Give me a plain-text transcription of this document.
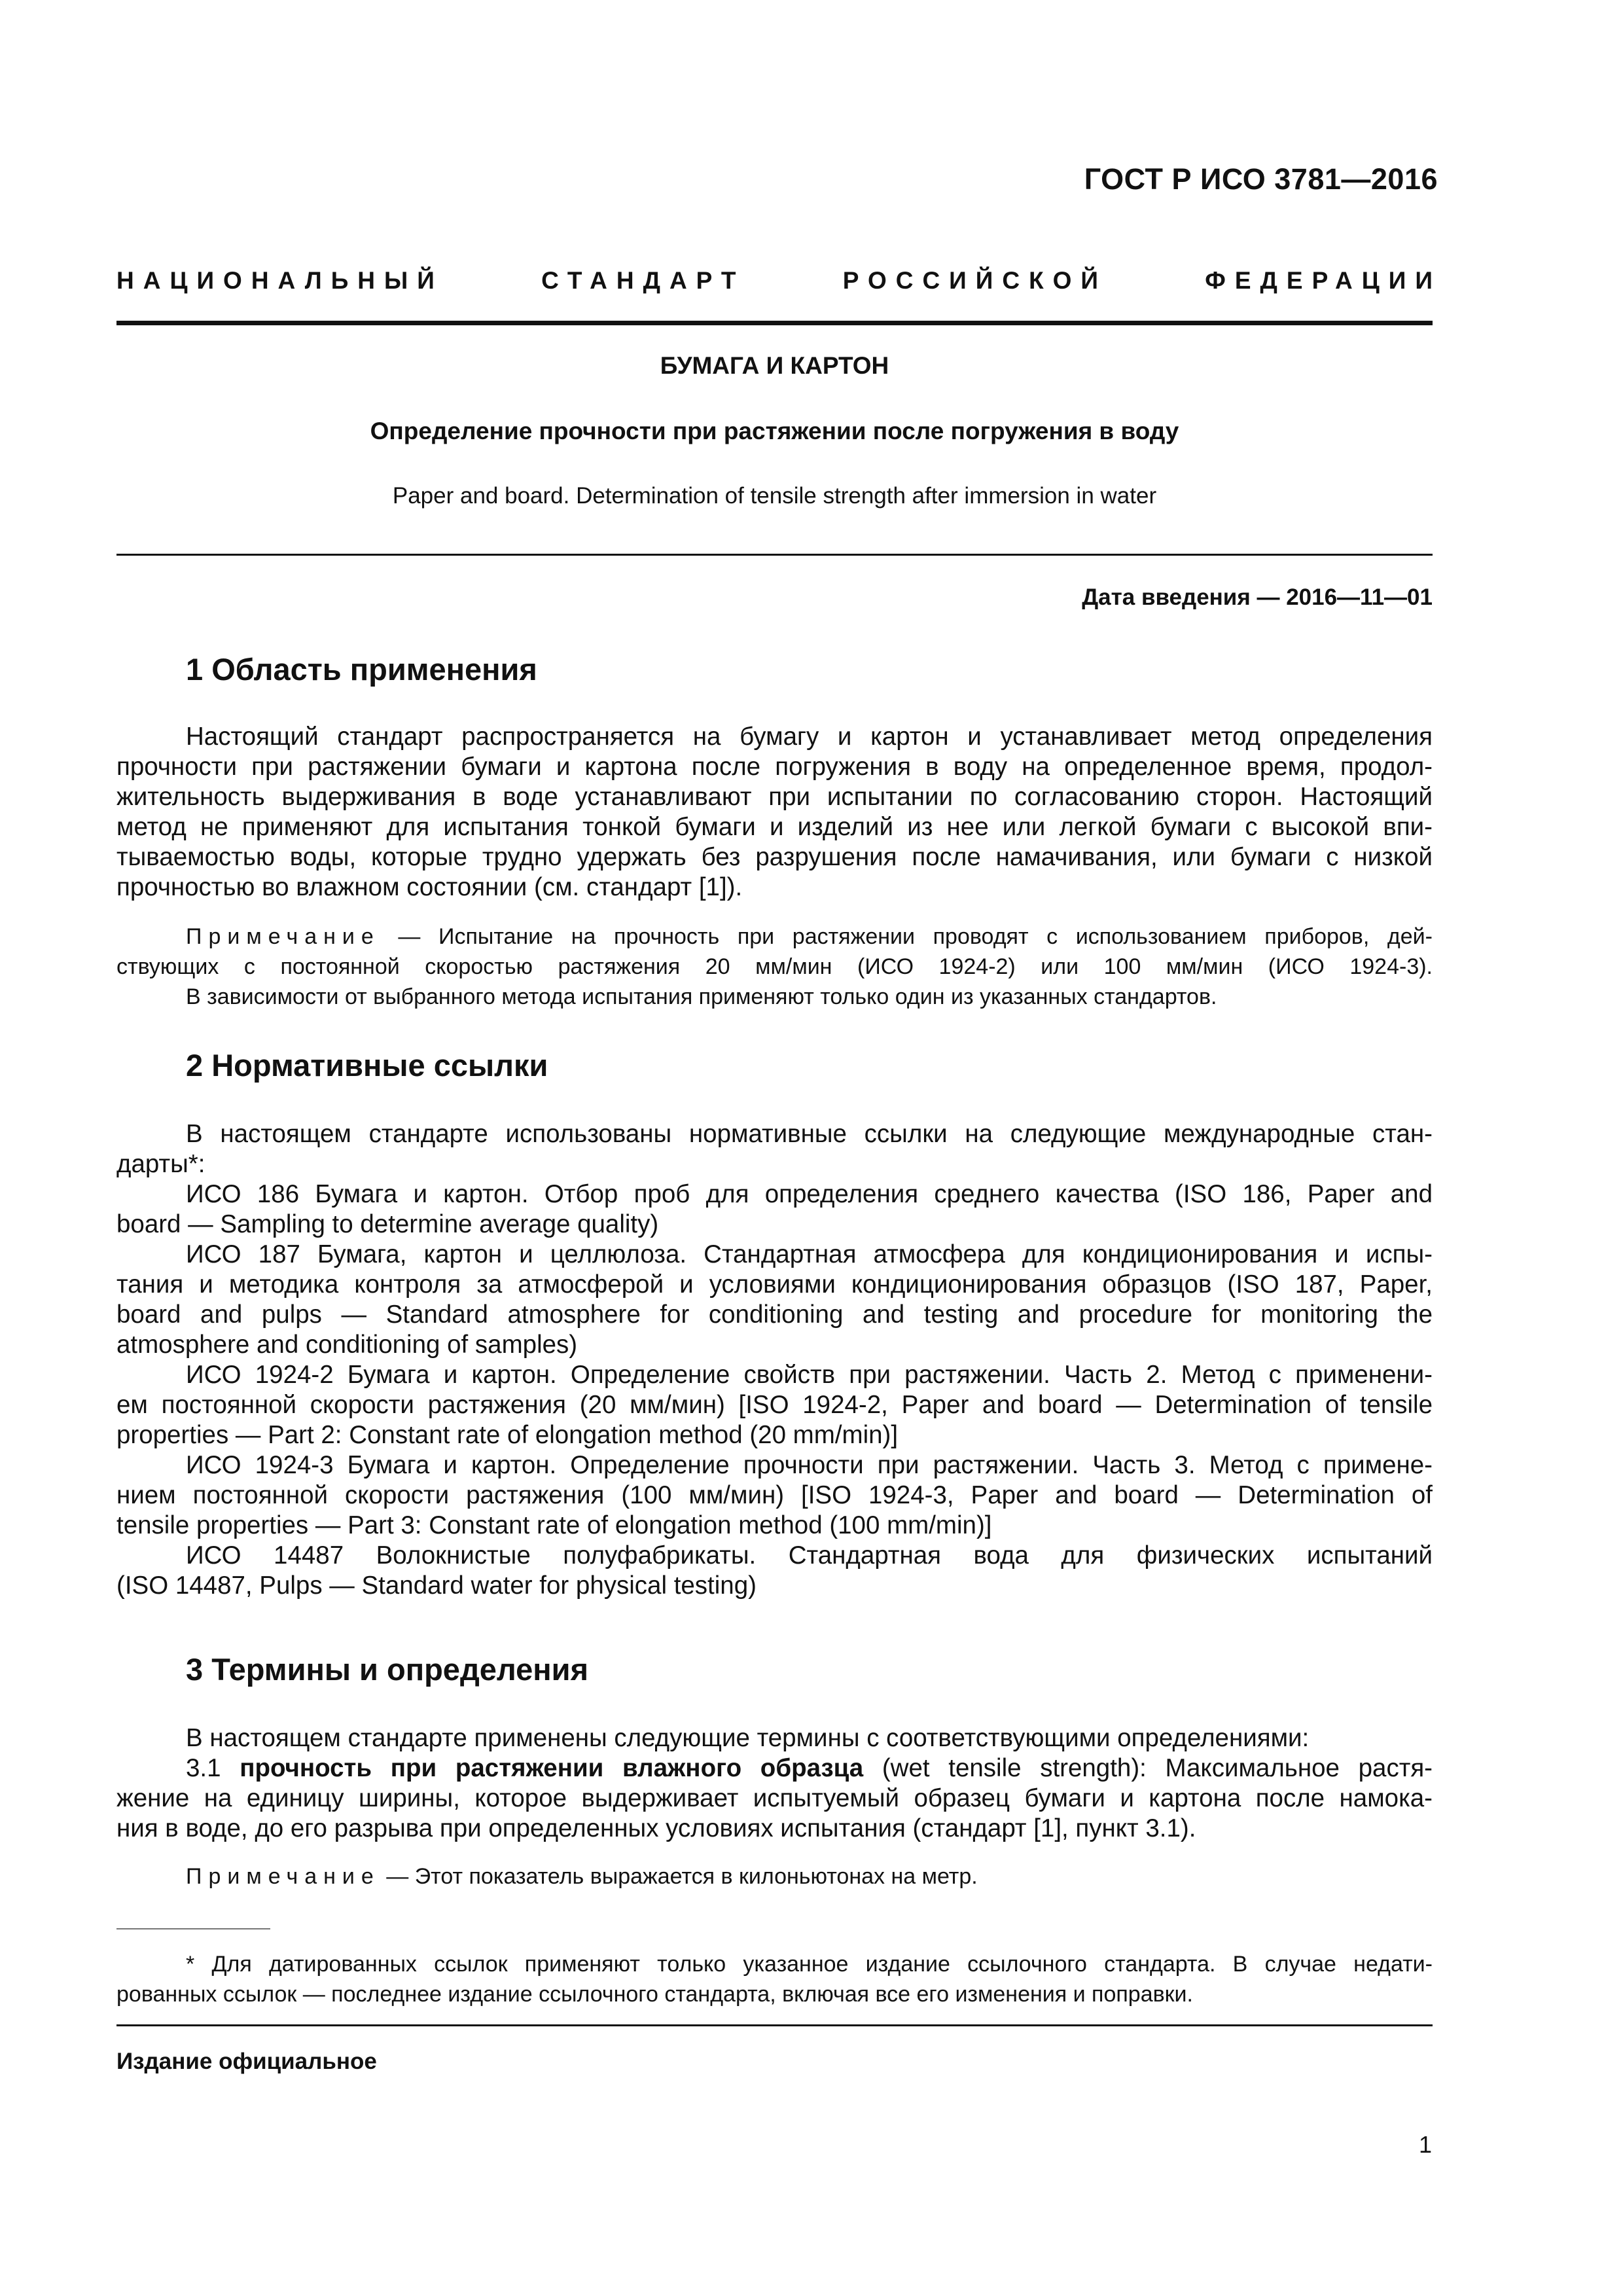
ГОСТ Р ИСО 3781—2016
НАЦИОНАЛЬНЫЙ	СТАНДАРТ	РОССИЙСКОЙ	ФЕДЕРАЦИИ
БУМАГА И КАРТОН
Определение прочности при растяжении после погружения в воду
Paper and board. Determination of tensile strength after immersion in water
Дата введения — 2016—11—01
1 Область применения
Настоящий стандарт распространяется на бумагу и картон и устанавливает метод определения
прочности при растяжении бумаги и картона после погружения в воду на определенное время, продол-
жительность выдерживания в воде устанавливают при испытании по согласованию сторон. Настоящий
метод не применяют для испытания тонкой бумаги и изделий из нее или легкой бумаги с высокой впи-
тываемостью воды, которые трудно удержать без разрушения после намачивания, или бумаги с низкой
прочностью во влажном состоянии (см. стандарт [1]).
Примечание — Испытание на прочность при растяжении проводят с использованием приборов, дей-
ствующих с постоянной скоростью растяжения 20 мм/мин (ИСО 1924-2) или 100 мм/мин (ИСО 1924-3).
В зависимости от выбранного метода испытания применяют только один из указанных стандартов.
2 Нормативные ссылки
В настоящем стандарте использованы нормативные ссылки на следующие международные стан-
дарты*:
ИСО 186 Бумага и картон. Отбор проб для определения среднего качества (ISO 186, Paper and
board — Sampling to determine average quality)
ИСО 187 Бумага, картон и целлюлоза. Стандартная атмосфера для кондиционирования и испы-
тания и методика контроля за атмосферой и условиями кондиционирования образцов (ISO 187, Paper,
board and pulps — Standard atmosphere for conditioning and testing and procedure for monitoring the
atmosphere and conditioning of samples)
ИСО 1924-2 Бумага и картон. Определение свойств при растяжении. Часть 2. Метод с применени-
ем постоянной скорости растяжения (20 мм/мин) [ISO 1924-2, Paper and board — Determination of tensile
properties — Part 2: Constant rate of elongation method (20 mm/min)]
ИСО 1924-3 Бумага и картон. Определение прочности при растяжении. Часть 3. Метод с примене-
нием постоянной скорости растяжения (100 мм/мин) [ISO 1924-3, Paper and board — Determination of
tensile properties — Part 3: Constant rate of elongation method (100 mm/min)]
ИСО 14487 Волокнистые полуфабрикаты. Стандартная вода для физических испытаний
(ISO 14487, Pulps — Standard water for physical testing)
3 Термины и определения
В настоящем стандарте применены следующие термины с соответствующими определениями:
3.1 прочность при растяжении влажного образца (wet tensile strength): Максимальное растя-
жение на единицу ширины, которое выдерживает испытуемый образец бумаги и картона после намока-
ния в воде, до его разрыва при определенных условиях испытания (стандарт [1], пункт 3.1).
Примечание — Этот показатель выражается в килоньютонах на метр.
* Для датированных ссылок применяют только указанное издание ссылочного стандарта. В случае недати-
рованных ссылок — последнее издание ссылочного стандарта, включая все его изменения и поправки.
Издание официальное
1
